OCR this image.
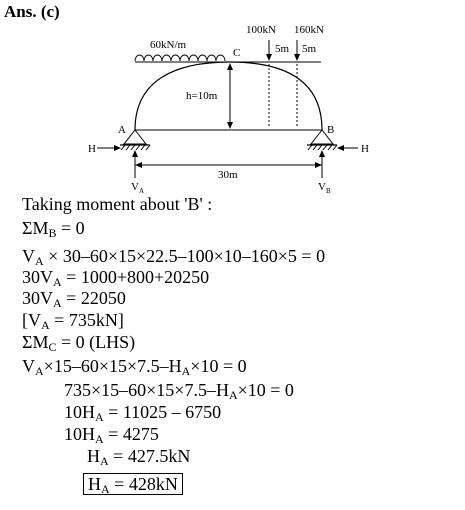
Ans. (c)
60kN/m
C
h=10m
100kN 160kN
5m 5m
A	B
H	H
30m
$V_A$	$V_B$
Taking moment about 'B' :
$\Sigma M_B = 0$
$V_A \times 30-60\times 15\times 22.5-100\times 10-160\times 5 = 0$
$30V_A = 1000+800+20250$
$30V_A = 22050$
$[V_A = 735kN]$
$\Sigma M_C = 0$ (LHS)
$V_A\times 15-60\times 15\times 7.5-H_A\times 10 = 0$
$735\times 15-60\times 15\times 7.5-H_A\times 10 = 0$
$10H_A = 11025 - 6750$
$10H_A = 4275$
$H_A = 427.5kN$
$H_A = 428kN$
